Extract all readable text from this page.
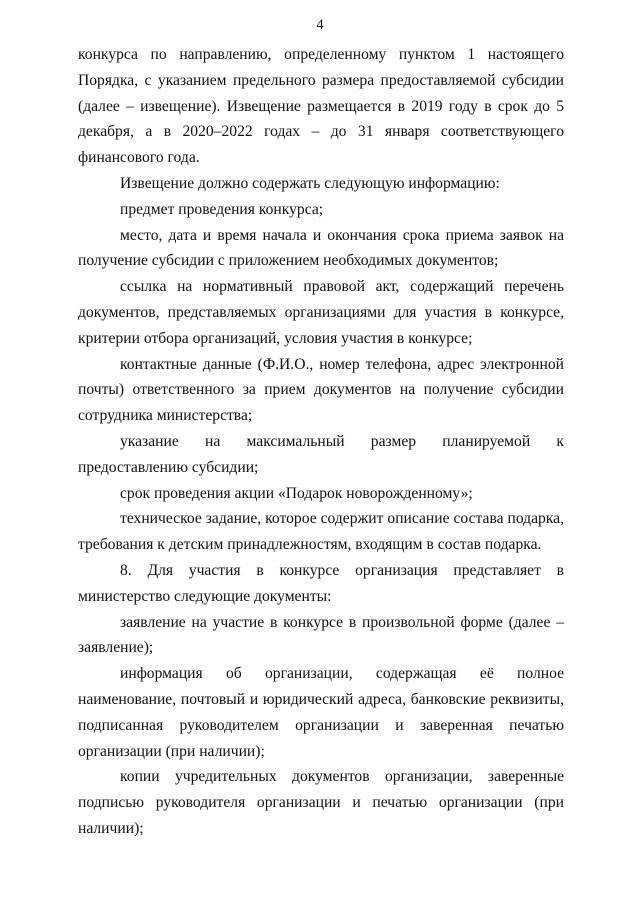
4

конкурса по направлению, определенному пунктом 1 настоящего Порядка, с указанием предельного размера предоставляемой субсидии (далее – извещение). Извещение размещается в 2019 году в срок до 5 декабря, а в 2020–2022 годах – до 31 января соответствующего финансового года.

Извещение должно содержать следующую информацию:

предмет проведения конкурса;

место, дата и время начала и окончания срока приема заявок на получение субсидии с приложением необходимых документов;

ссылка на нормативный правовой акт, содержащий перечень документов, представляемых организациями для участия в конкурсе, критерии отбора организаций, условия участия в конкурсе;

контактные данные (Ф.И.О., номер телефона, адрес электронной почты) ответственного за прием документов на получение субсидии сотрудника министерства;

указание на максимальный размер планируемой к предоставлению субсидии;

срок проведения акции «Подарок новорожденному»;

техническое задание, которое содержит описание состава подарка, требования к детским принадлежностям, входящим в состав подарка.

8. Для участия в конкурсе организация представляет в министерство следующие документы:

заявление на участие в конкурсе в произвольной форме (далее – заявление);

информация об организации, содержащая её полное наименование, почтовый и юридический адреса, банковские реквизиты, подписанная руководителем организации и заверенная печатью организации (при наличии);

копии учредительных документов организации, заверенные подписью руководителя организации и печатью организации (при наличии);
